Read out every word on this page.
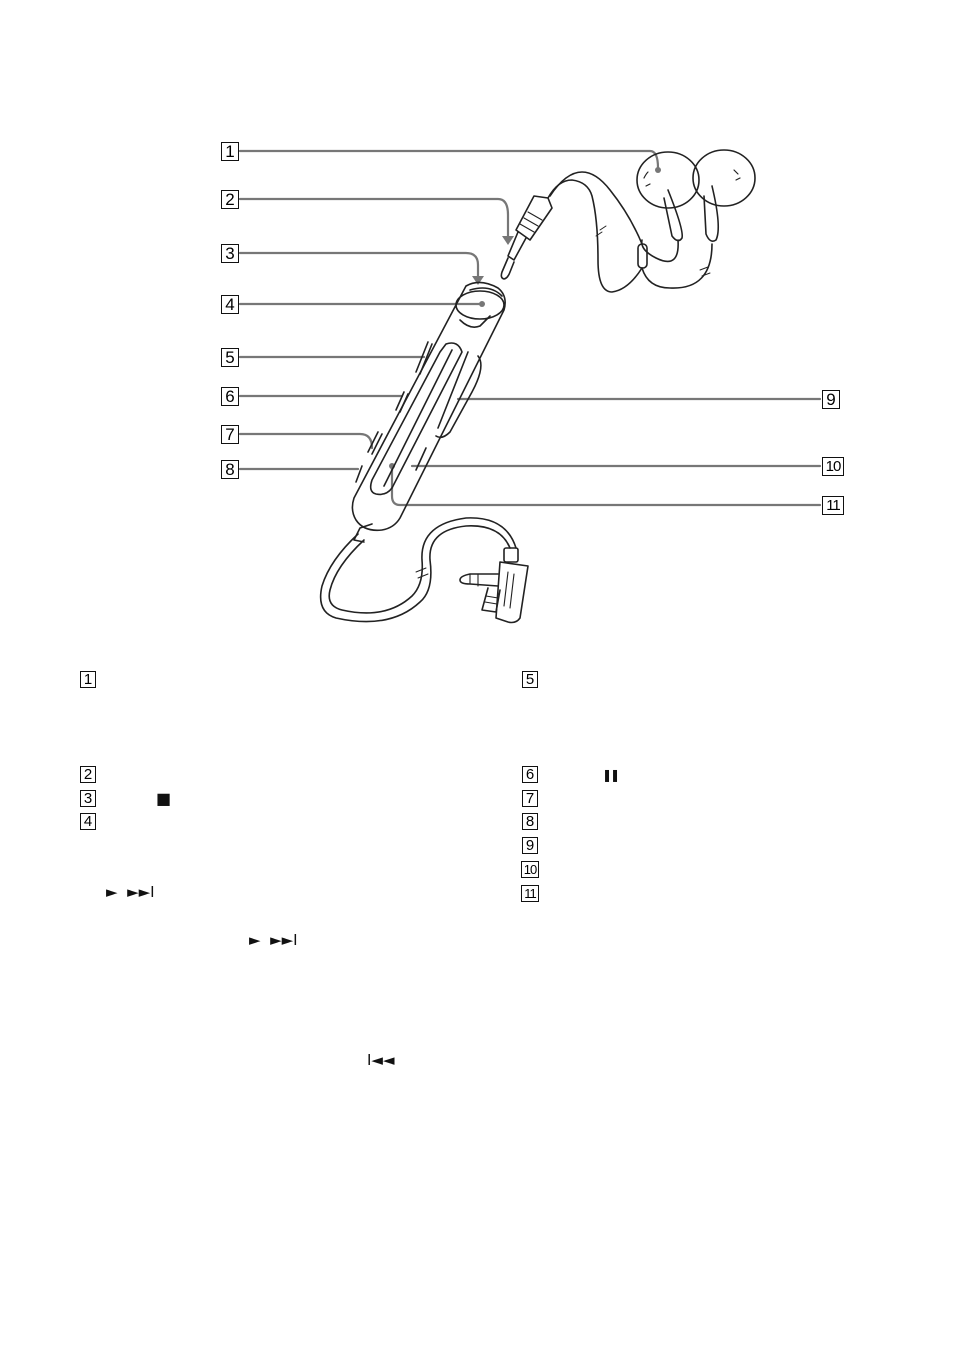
1
2
3
4
5
6
7
8
9
10
11
1
2
3
4
5
6
7
8
9
10
11
■
❚❚
►  ►►I
►  ►►I
I◄◄
